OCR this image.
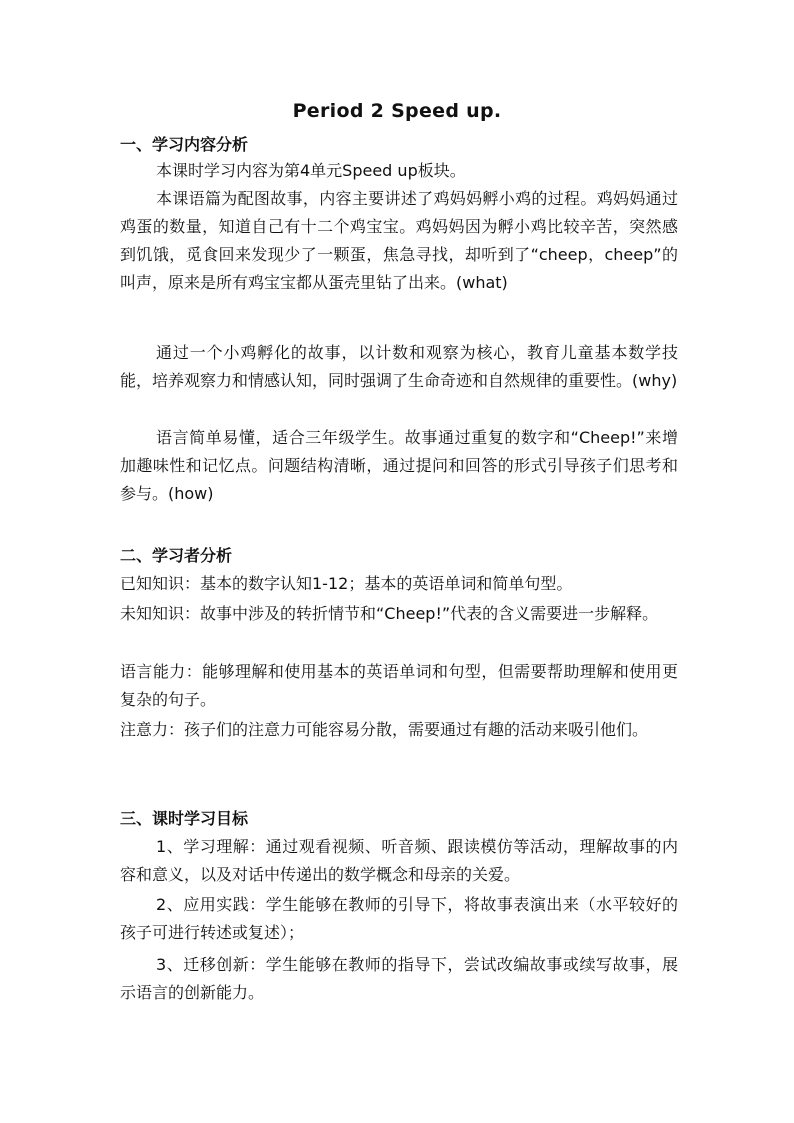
Period 2 Speed up.
一、学习内容分析

本课时学习内容为第4单元Speed up板块。

本课语篇为配图故事，内容主要讲述了鸡妈妈孵小鸡的过程。鸡妈妈通过鸡蛋的数量，知道自己有十二个鸡宝宝。鸡妈妈因为孵小鸡比较辛苦，突然感到饥饿，觅食回来发现少了一颗蛋，焦急寻找，却听到了“cheep，cheep”的叫声，原来是所有鸡宝宝都从蛋壳里钻了出来。(what)

通过一个小鸡孵化的故事，以计数和观察为核心，教育儿童基本数学技能，培养观察力和情感认知，同时强调了生命奇迹和自然规律的重要性。(why)

语言简单易懂，适合三年级学生。故事通过重复的数字和“Cheep!”来增加趣味性和记忆点。问题结构清晰，通过提问和回答的形式引导孩子们思考和参与。(how)

二、学习者分析

已知知识：基本的数字认知1-12；基本的英语单词和简单句型。

未知知识：故事中涉及的转折情节和“Cheep!”代表的含义需要进一步解释。

语言能力：能够理解和使用基本的英语单词和句型，但需要帮助理解和使用更复杂的句子。

注意力：孩子们的注意力可能容易分散，需要通过有趣的活动来吸引他们。

三、课时学习目标

1、学习理解：通过观看视频、听音频、跟读模仿等活动，理解故事的内容和意义，以及对话中传递出的数学概念和母亲的关爱。

2、应用实践：学生能够在教师的引导下，将故事表演出来（水平较好的孩子可进行转述或复述）；

3、迁移创新：学生能够在教师的指导下，尝试改编故事或续写故事，展示语言的创新能力。
